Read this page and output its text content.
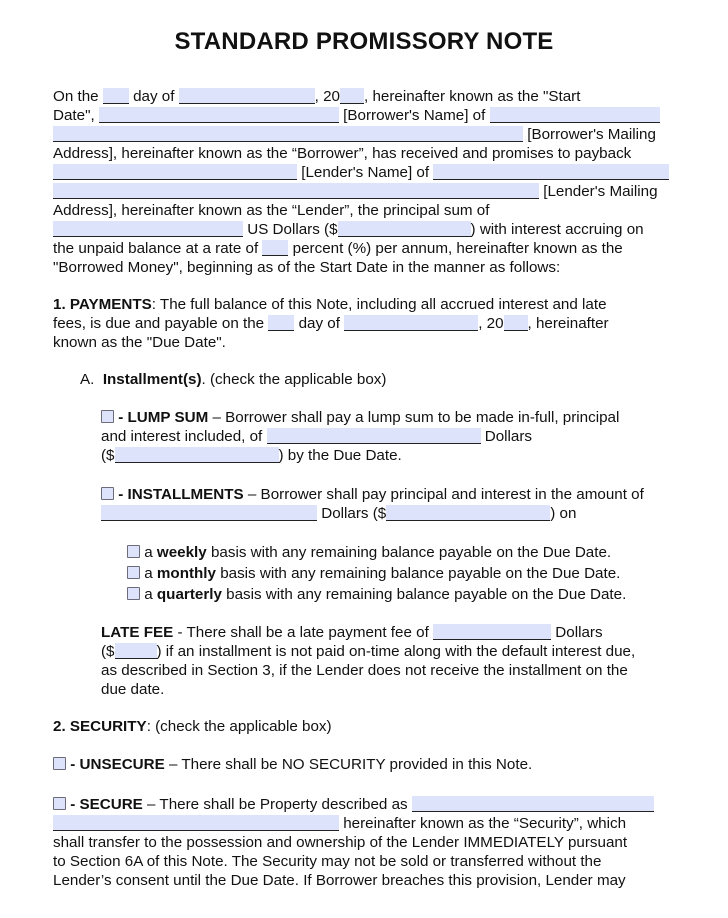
STANDARD PROMISSORY NOTE
On the day of	, 20 , hereinafter known as the "Start
Date",	[Borrower's Name] of
[Borrower's Mailing
Address], hereinafter known as the “Borrower”, has received and promises to payback
[Lender's Name] of
[Lender's Mailing
Address], hereinafter known as the “Lender”, the principal sum of
US Dollars ($	) with interest accruing on
the unpaid balance at a rate of percent (%) per annum, hereinafter known as the
"Borrowed Money", beginning as of the Start Date in the manner as follows:
1. PAYMENTS: The full balance of this Note, including all accrued interest and late
fees, is due and payable on the day of	, 20 , hereinafter
known as the "Due Date".
A. Installment(s). (check the applicable box)
- LUMP SUM – Borrower shall pay a lump sum to be made in-full, principal
and interest included, of	Dollars
($	) by the Due Date.
- INSTALLMENTS – Borrower shall pay principal and interest in the amount of
Dollars ($	) on
a weekly basis with any remaining balance payable on the Due Date.
a monthly basis with any remaining balance payable on the Due Date.
a quarterly basis with any remaining balance payable on the Due Date.
LATE FEE - There shall be a late payment fee of	Dollars
($	) if an installment is not paid on-time along with the default interest due,
as described in Section 3, if the Lender does not receive the installment on the
due date.
2. SECURITY: (check the applicable box)
- UNSECURE – There shall be NO SECURITY provided in this Note.
- SECURE – There shall be Property described as
hereinafter known as the “Security”, which
shall transfer to the possession and ownership of the Lender IMMEDIATELY pursuant
to Section 6A of this Note. The Security may not be sold or transferred without the
Lender’s consent until the Due Date. If Borrower breaches this provision, Lender may
